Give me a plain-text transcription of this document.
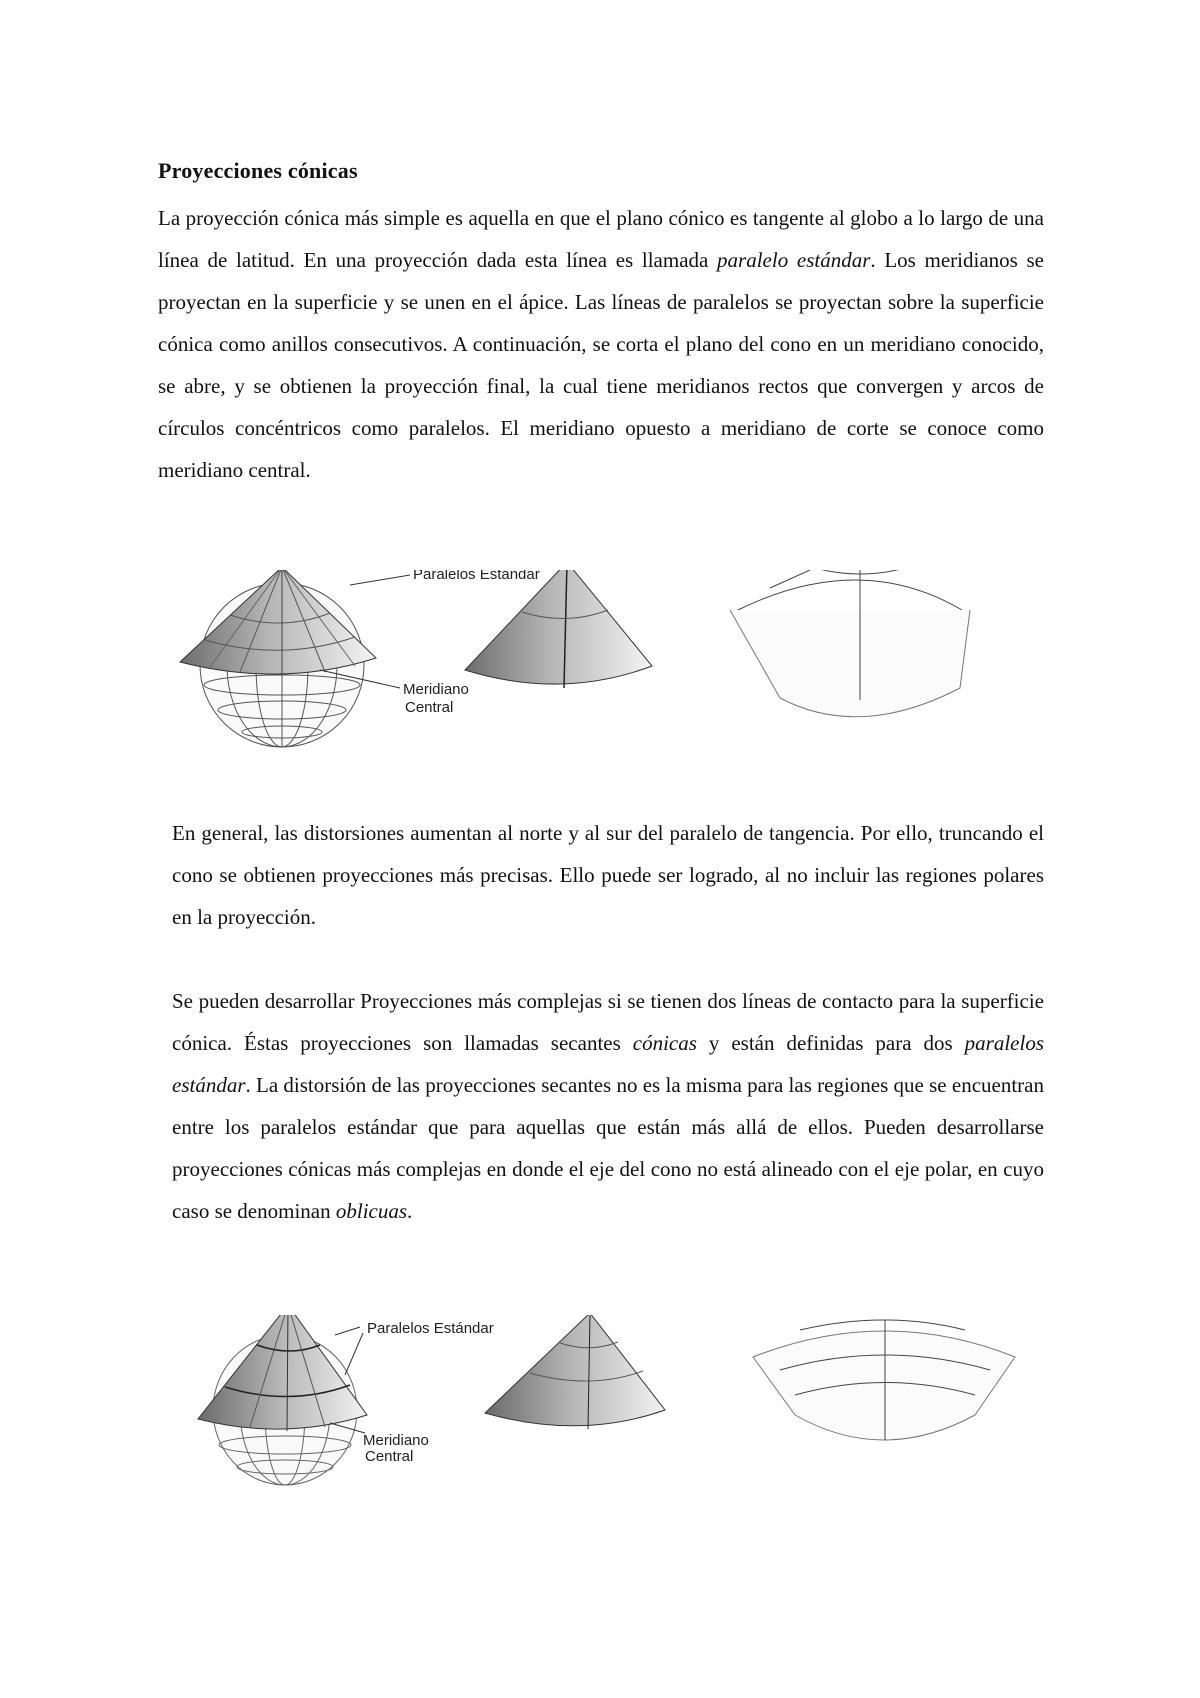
Proyecciones cónicas

La proyección cónica más simple es aquella en que el plano cónico es tangente al globo a lo largo de una línea de latitud. En una proyección dada esta línea es llamada paralelo estándar. Los meridianos se proyectan en la superficie y se unen en el ápice. Las líneas de paralelos se proyectan sobre la superficie cónica como anillos consecutivos. A continuación, se corta el plano del cono en un meridiano conocido, se abre, y se obtienen la proyección final, la cual tiene meridianos rectos que convergen y arcos de círculos concéntricos como paralelos. El meridiano opuesto a meridiano de corte se conoce como meridiano central.

Paralelos Estándar
Meridiano
Central

En general, las distorsiones aumentan al norte y al sur del paralelo de tangencia. Por ello, truncando el cono se obtienen proyecciones más precisas. Ello puede ser logrado, al no incluir las regiones polares en la proyección.

Se pueden desarrollar Proyecciones más complejas si se tienen dos líneas de contacto para la superficie cónica. Éstas proyecciones son llamadas secantes cónicas y están definidas para dos paralelos estándar. La distorsión de las proyecciones secantes no es la misma para las regiones que se encuentran entre los paralelos estándar que para aquellas que están más allá de ellos. Pueden desarrollarse proyecciones cónicas más complejas en donde el eje del cono no está alineado con el eje polar, en cuyo caso se denominan oblicuas.

Paralelos Estándar
Meridiano
Central
